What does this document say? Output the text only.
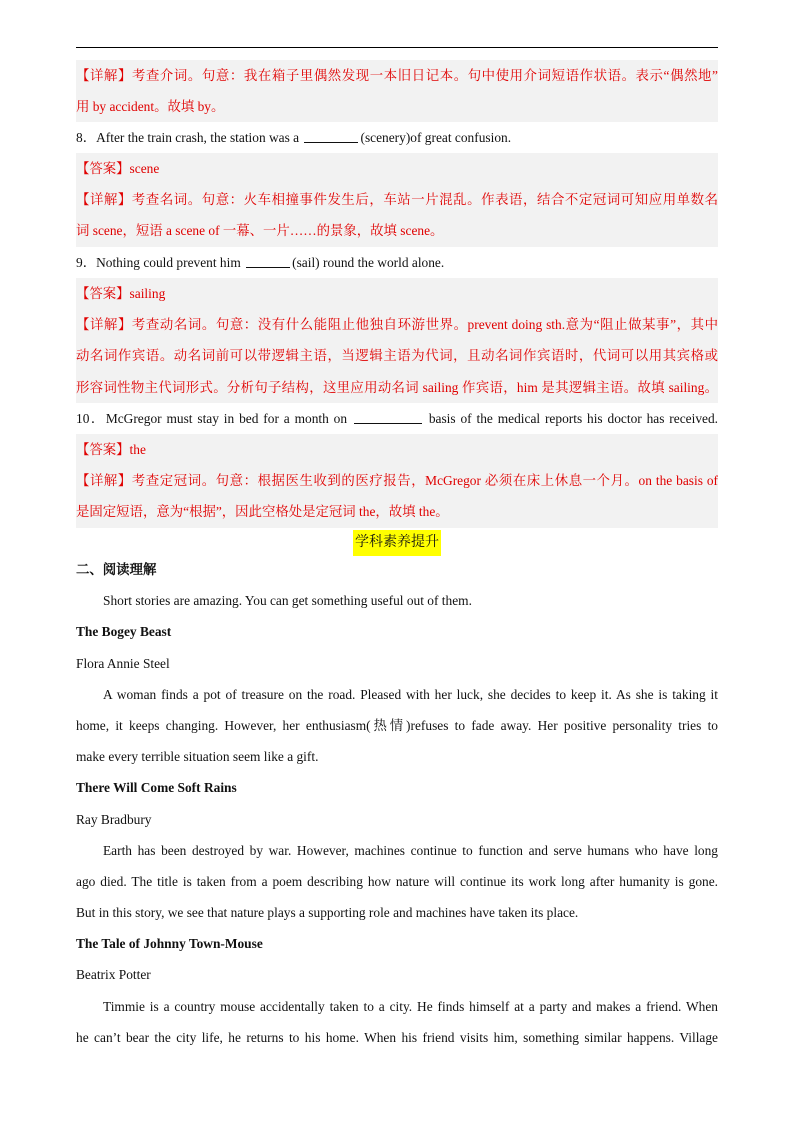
【详解】考查介词。句意：我在箱子里偶然发现一本旧日记本。句中使用介词短语作状语。表示“偶然地”
用 by accident。故填 by。
8．After the train crash, the station was a	(scenery)of great confusion.
【答案】scene
【详解】考查名词。句意：火车相撞事件发生后，车站一片混乱。作表语，结合不定冠词可知应用单数名
词 scene，短语 a scene of 一幕、一片……的景象，故填 scene。
9．Nothing could prevent him	(sail) round the world alone.
【答案】sailing
【详解】考查动名词。句意：没有什么能阻止他独自环游世界。prevent doing sth.意为“阻止做某事”，其中
动名词作宾语。动名词前可以带逻辑主语，当逻辑主语为代词，且动名词作宾语时，代词可以用其宾格或
形容词性物主代词形式。分析句子结构，这里应用动名词 sailing 作宾语，him 是其逻辑主语。故填 sailing。
10．McGregor must stay in bed for a month on	basis of the medical reports his doctor has received.
【答案】the
【详解】考查定冠词。句意：根据医生收到的医疗报告，McGregor 必须在床上休息一个月。on the basis of
是固定短语，意为“根据”，因此空格处是定冠词 the，故填 the。
学科素养提升
二、阅读理解
Short stories are amazing. You can get something useful out of them.
The Bogey Beast
Flora Annie Steel
A woman finds a pot of treasure on the road. Pleased with her luck, she decides to keep it. As she is taking it
home, it keeps changing. However, her enthusiasm(热情)refuses to fade away. Her positive personality tries to
make every terrible situation seem like a gift.
There Will Come Soft Rains
Ray Bradbury
Earth has been destroyed by war. However, machines continue to function and serve humans who have long
ago died. The title is taken from a poem describing how nature will continue its work long after humanity is gone.
But in this story, we see that nature plays a supporting role and machines have taken its place.
The Tale of Johnny Town-Mouse
Beatrix Potter
Timmie is a country mouse accidentally taken to a city. He finds himself at a party and makes a friend. When
he can’t bear the city life, he returns to his home. When his friend visits him, something similar happens. Village
